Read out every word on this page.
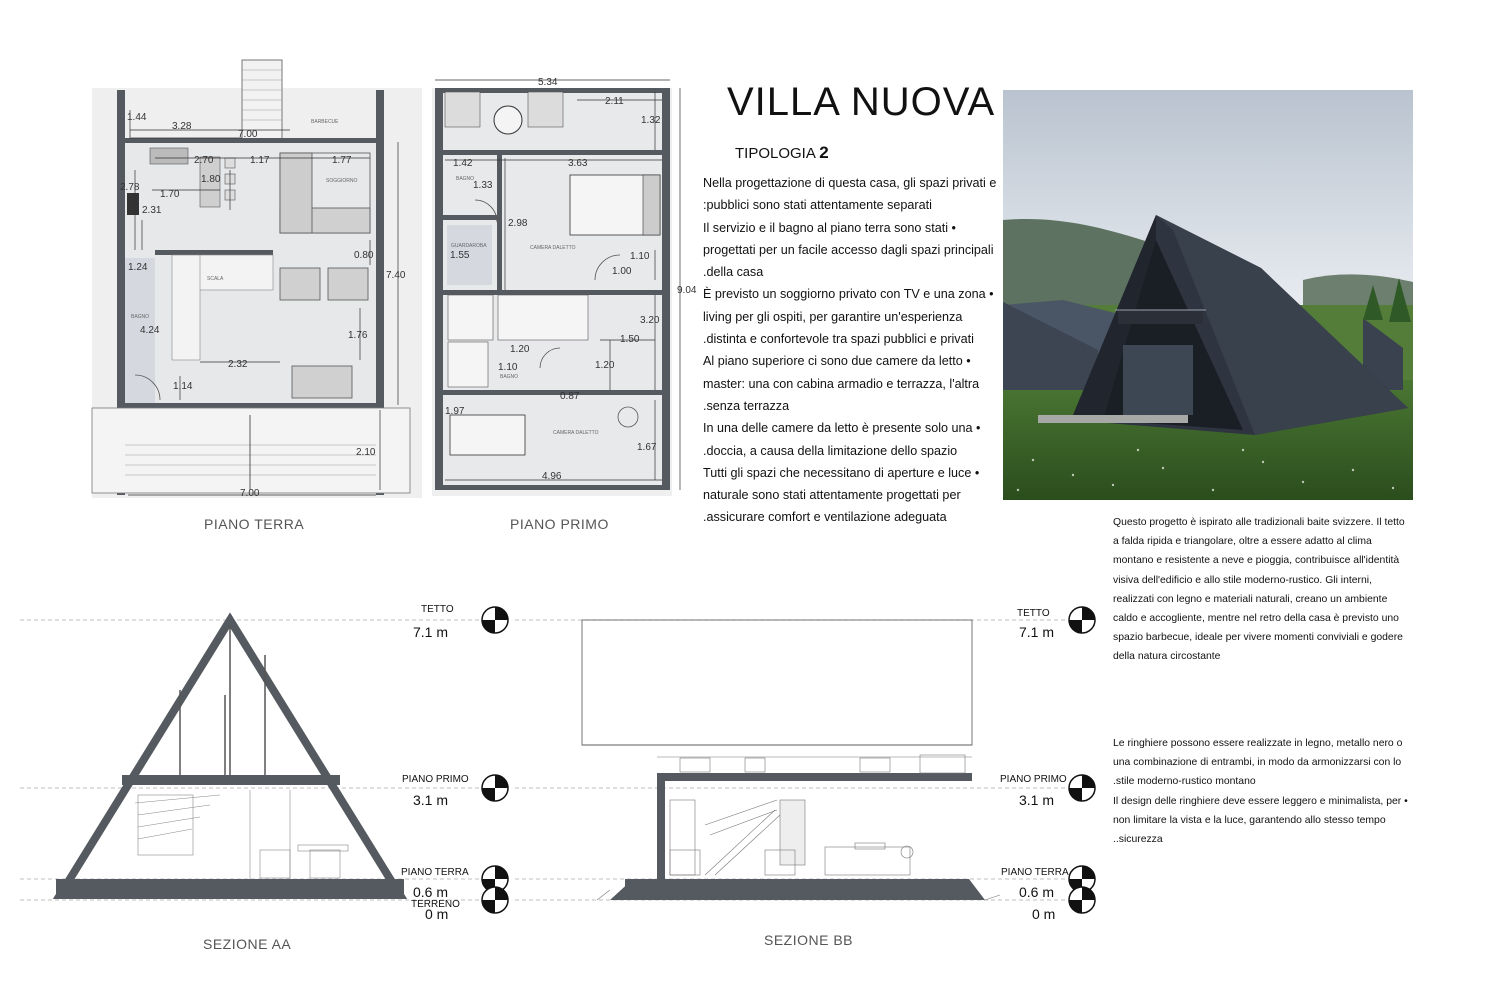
VILLA NUOVA
TIPOLOGIA 2
Nella progettazione di questa casa, gli spazi privati e
:pubblici sono stati attentamente separati
Il servizio e il bagno al piano terra sono stati •
progettati per un facile accesso dagli spazi principali
.della casa
È previsto un soggiorno privato con TV e una zona •
living per gli ospiti, per garantire un'esperienza
.distinta e confortevole tra spazi pubblici e privati
Al piano superiore ci sono due camere da letto •
master: una con cabina armadio e terrazza, l'altra
.senza terrazza
In una delle camere da letto è presente solo una •
.doccia, a causa della limitazione dello spazio
Tutti gli spazi che necessitano di aperture e luce •
naturale sono stati attentamente progettati per
.assicurare comfort e ventilazione adeguata	Questo progetto è ispirato alle tradizionali baite svizzere. Il tetto
a falda ripida e triangolare, oltre a essere adatto al clima
montano e resistente a neve e pioggia, contribuisce all'identità
visiva dell'edificio e allo stile moderno-rustico. Gli interni,
realizzati con legno e materiali naturali, creano un ambiente
caldo e accogliente, mentre nel retro della casa è previsto uno
spazio barbecue, ideale per vivere momenti conviviali e godere
della natura circostante
Le ringhiere possono essere realizzate in legno, metallo nero o
una combinazione di entrambi, in modo da armonizzarsi con lo
.stile moderno-rustico montano
Il design delle ringhiere deve essere leggero e minimalista, per •
non limitare la vista e la luce, garantendo allo stesso tempo
..sicurezza
1.44
3.28
7.00
2.70	1.17	1.77
1.80
2.78
1.70
2.31
0.80
1.24
7.40
4.24	1.76
2.32
1.14
2.10
7.00
BARBECUE
SOGGIORNO
BAGNO
SCALA
5.34
2.11
1.32
1.42	3.63
1.33
2.98
1.55	1.10
1.00
9.04
3.20
1.50
1.20
1.20
1.10
0.87
1.97
1.67
4.96
BAGNO
GUARDAROBA	CAMERA DALETTO
CAMERA DALETTO
BAGNO
PIANO TERRA	PIANO PRIMO
TETTO
7.1 m
PIANO PRIMO
3.1 m
PIANO TERRA
0.6 m
TERRENO
0 m
SEZIONE AA
TETTO
7.1 m
PIANO PRIMO
3.1 m
PIANO TERRA
0.6 m
0 m
SEZIONE BB
